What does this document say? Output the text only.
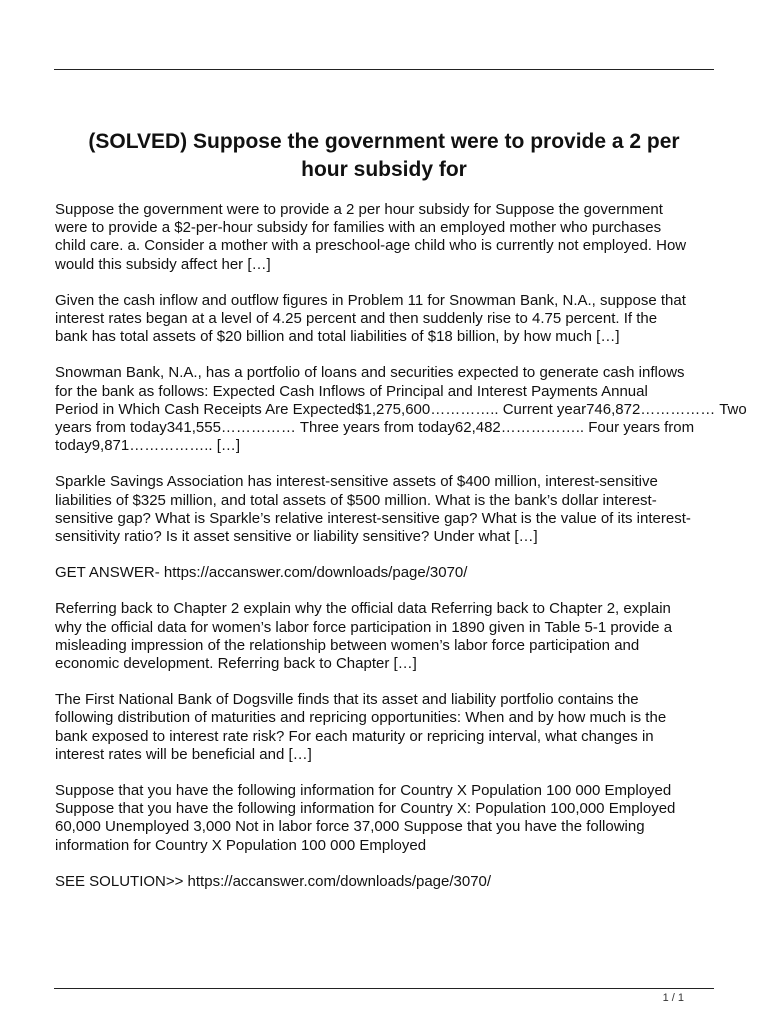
(SOLVED) Suppose the government were to provide a 2 per
hour subsidy for

Suppose the government were to provide a 2 per hour subsidy for Suppose the government
were to provide a $2-per-hour subsidy for families with an employed mother who purchases
child care. a. Consider a mother with a preschool-age child who is currently not employed. How
would this subsidy affect her […]

Given the cash inflow and outflow figures in Problem 11 for Snowman Bank, N.A., suppose that
interest rates began at a level of 4.25 percent and then suddenly rise to 4.75 percent. If the
bank has total assets of $20 billion and total liabilities of $18 billion, by how much […]

Snowman Bank, N.A., has a portfolio of loans and securities expected to generate cash inflows
for the bank as follows: Expected Cash Inflows of Principal and Interest Payments Annual
Period in Which Cash Receipts Are Expected$1,275,600………….. Current year746,872…………… Two
years from today341,555…………… Three years from today62,482…………….. Four years from
today9,871…………….. […]

Sparkle Savings Association has interest-sensitive assets of $400 million, interest-sensitive
liabilities of $325 million, and total assets of $500 million. What is the bank’s dollar interest-
sensitive gap? What is Sparkle’s relative interest-sensitive gap? What is the value of its interest-
sensitivity ratio? Is it asset sensitive or liability sensitive? Under what […]

GET ANSWER- https://accanswer.com/downloads/page/3070/

Referring back to Chapter 2 explain why the official data Referring back to Chapter 2, explain
why the official data for women’s labor force participation in 1890 given in Table 5-1 provide a
misleading impression of the relationship between women’s labor force participation and
economic development. Referring back to Chapter […]

The First National Bank of Dogsville finds that its asset and liability portfolio contains the
following distribution of maturities and repricing opportunities: When and by how much is the
bank exposed to interest rate risk? For each maturity or repricing interval, what changes in
interest rates will be beneficial and […]

Suppose that you have the following information for Country X Population 100 000 Employed
Suppose that you have the following information for Country X: Population 100,000 Employed
60,000 Unemployed 3,000 Not in labor force 37,000 Suppose that you have the following
information for Country X Population 100 000 Employed

SEE SOLUTION>> https://accanswer.com/downloads/page/3070/

1 / 1
